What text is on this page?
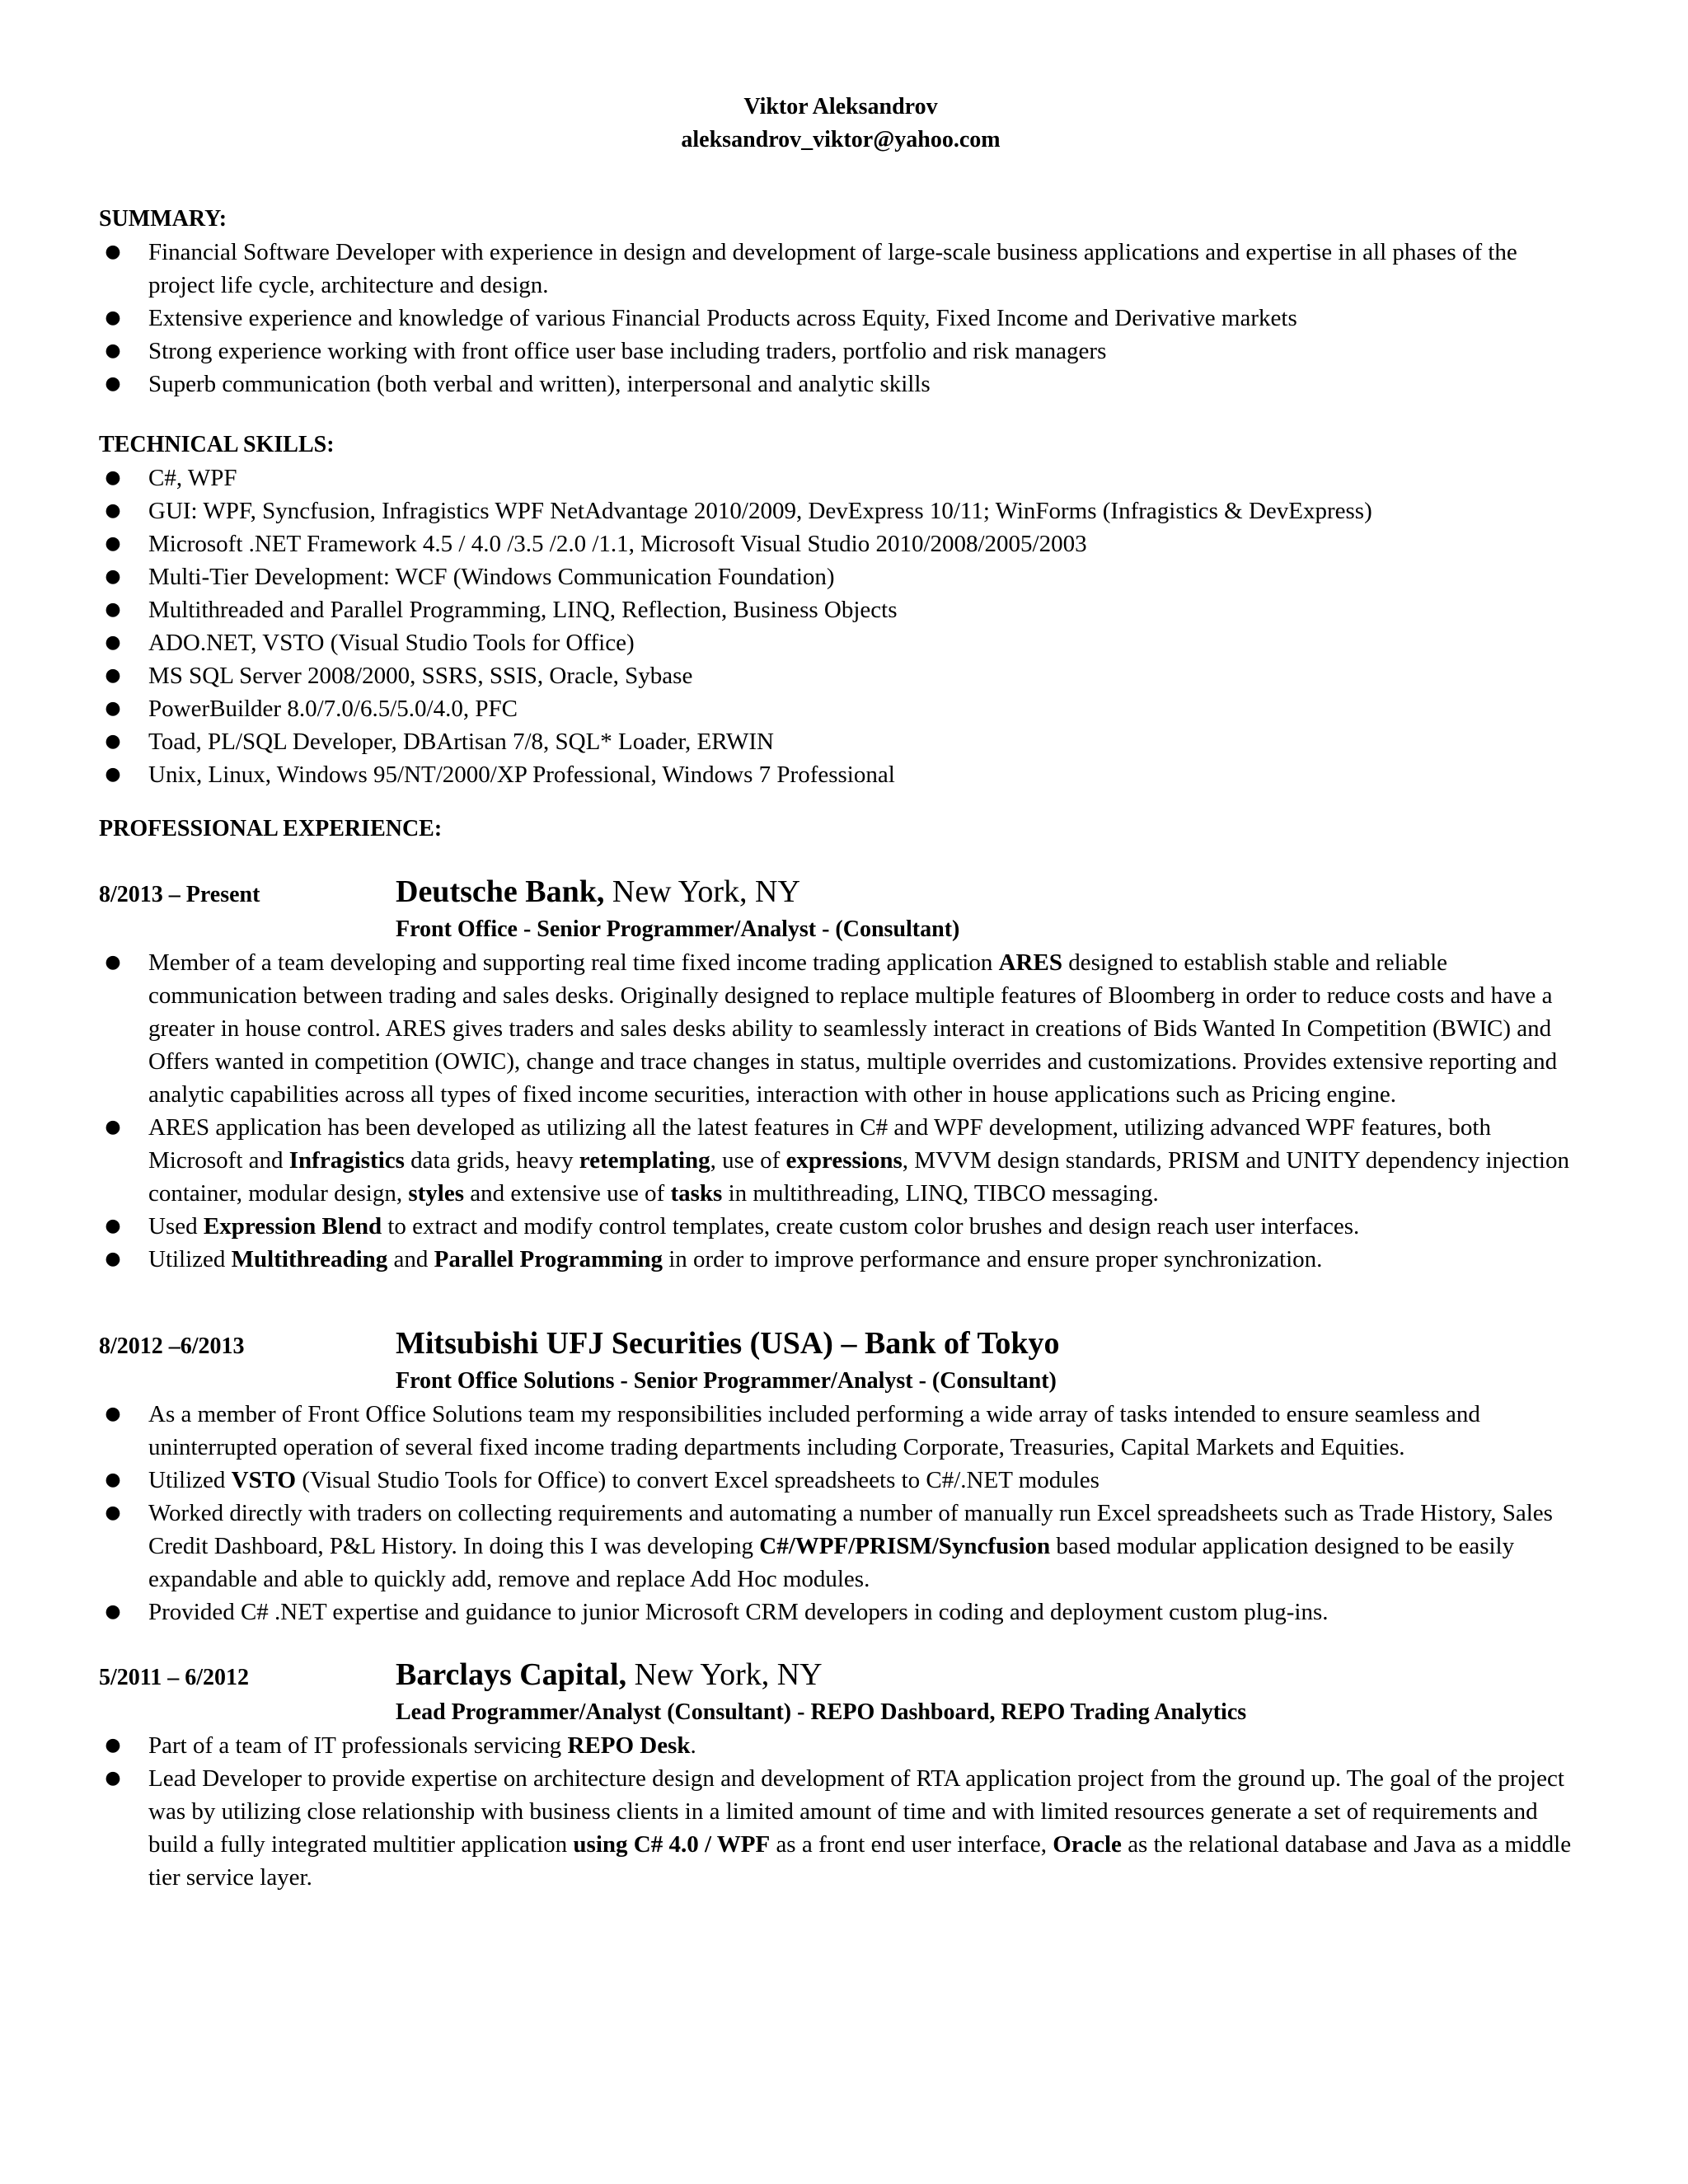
Viktor Aleksandrov
aleksandrov_viktor@yahoo.com
SUMMARY:
● Financial Software Developer with experience in design and development of large-scale business applications and expertise in all phases of the project life cycle, architecture and design.
● Extensive experience and knowledge of various Financial Products across Equity, Fixed Income and Derivative markets
● Strong experience working with front office user base including traders, portfolio and risk managers
● Superb communication (both verbal and written), interpersonal and analytic skills
TECHNICAL SKILLS:
● C#, WPF
● GUI: WPF, Syncfusion, Infragistics WPF NetAdvantage 2010/2009, DevExpress 10/11; WinForms (Infragistics & DevExpress)
● Microsoft .NET Framework 4.5 / 4.0 /3.5 /2.0 /1.1, Microsoft Visual Studio 2010/2008/2005/2003
● Multi-Tier Development: WCF (Windows Communication Foundation)
● Multithreaded and Parallel Programming, LINQ, Reflection, Business Objects
● ADO.NET, VSTO (Visual Studio Tools for Office)
● MS SQL Server 2008/2000, SSRS, SSIS, Oracle, Sybase
● PowerBuilder 8.0/7.0/6.5/5.0/4.0, PFC
● Toad, PL/SQL Developer, DBArtisan 7/8, SQL* Loader, ERWIN
● Unix, Linux, Windows 95/NT/2000/XP Professional, Windows 7 Professional
PROFESSIONAL EXPERIENCE:
8/2013 – Present	Deutsche Bank, New York, NY
Front Office - Senior Programmer/Analyst - (Consultant)
● Member of a team developing and supporting real time fixed income trading application ARES designed to establish stable and reliable communication between trading and sales desks. Originally designed to replace multiple features of Bloomberg in order to reduce costs and have a greater in house control. ARES gives traders and sales desks ability to seamlessly interact in creations of Bids Wanted In Competition (BWIC) and Offers wanted in competition (OWIC), change and trace changes in status, multiple overrides and customizations. Provides extensive reporting and analytic capabilities across all types of fixed income securities, interaction with other in house applications such as Pricing engine.
● ARES application has been developed as utilizing all the latest features in C# and WPF development, utilizing advanced WPF features, both Microsoft and Infragistics data grids, heavy retemplating, use of expressions, MVVM design standards, PRISM and UNITY dependency injection container, modular design, styles and extensive use of tasks in multithreading, LINQ, TIBCO messaging.
● Used Expression Blend to extract and modify control templates, create custom color brushes and design reach user interfaces.
● Utilized Multithreading and Parallel Programming in order to improve performance and ensure proper synchronization.
8/2012 –6/2013	Mitsubishi UFJ Securities (USA) – Bank of Tokyo
Front Office Solutions - Senior Programmer/Analyst - (Consultant)
● As a member of Front Office Solutions team my responsibilities included performing a wide array of tasks intended to ensure seamless and uninterrupted operation of several fixed income trading departments including Corporate, Treasuries, Capital Markets and Equities.
● Utilized VSTO (Visual Studio Tools for Office) to convert Excel spreadsheets to C#/.NET modules
● Worked directly with traders on collecting requirements and automating a number of manually run Excel spreadsheets such as Trade History, Sales Credit Dashboard, P&L History. In doing this I was developing C#/WPF/PRISM/Syncfusion based modular application designed to be easily expandable and able to quickly add, remove and replace Add Hoc modules.
● Provided C# .NET expertise and guidance to junior Microsoft CRM developers in coding and deployment custom plug-ins.
5/2011 – 6/2012	Barclays Capital, New York, NY
Lead Programmer/Analyst (Consultant) - REPO Dashboard, REPO Trading Analytics
● Part of a team of IT professionals servicing REPO Desk.
● Lead Developer to provide expertise on architecture design and development of RTA application project from the ground up. The goal of the project was by utilizing close relationship with business clients in a limited amount of time and with limited resources generate a set of requirements and build a fully integrated multitier application using C# 4.0 / WPF as a front end user interface, Oracle as the relational database and Java as a middle tier service layer.
